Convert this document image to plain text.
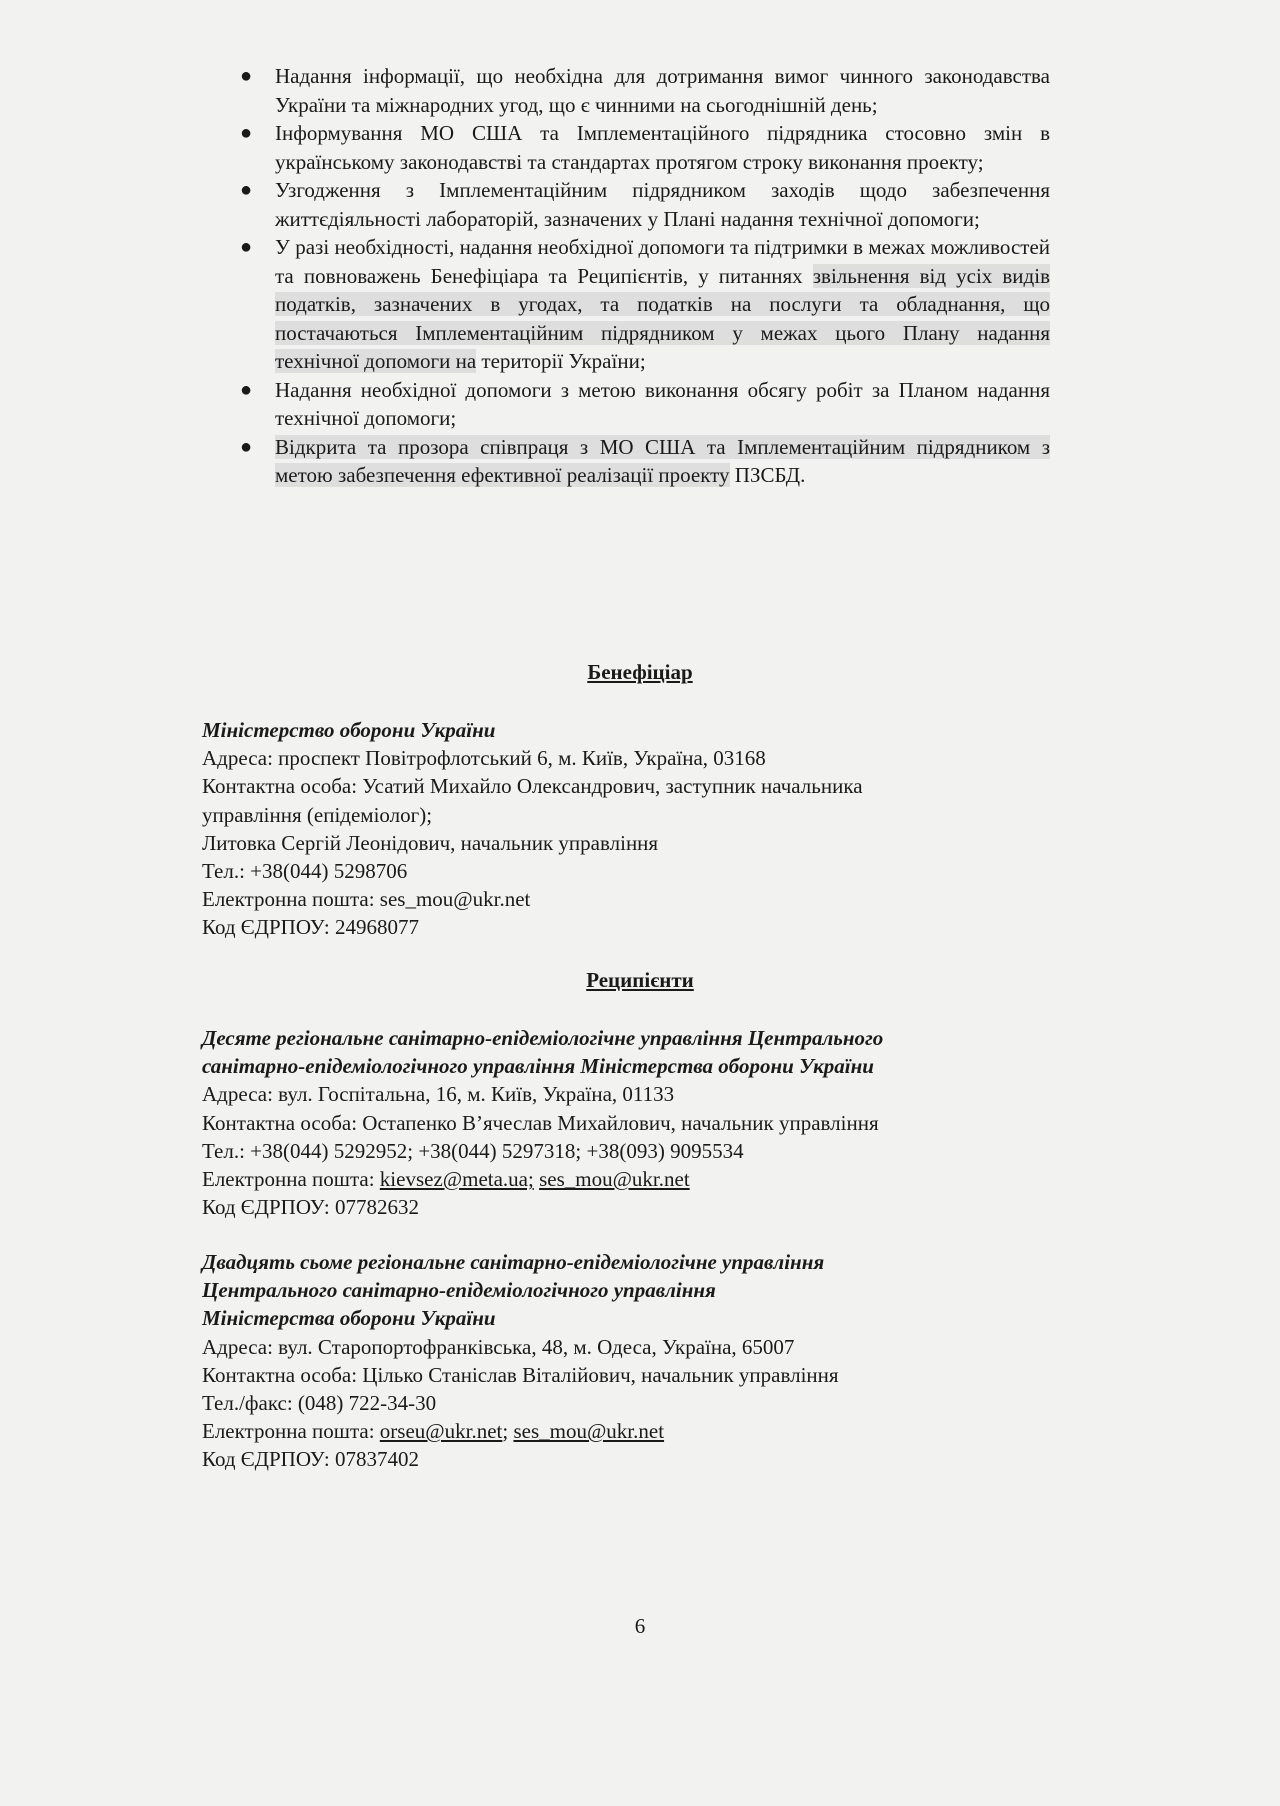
● Надання інформації, що необхідна для дотримання вимог чинного законодавства України та міжнародних угод, що є чинними на сьогоднішній день;
● Інформування МО США та Імплементаційного підрядника стосовно змін в українському законодавстві та стандартах протягом строку виконання проекту;
● Узгодження з Імплементаційним підрядником заходів щодо забезпечення життєдіяльності лабораторій, зазначених у Плані надання технічної допомоги;
● У разі необхідності, надання необхідної допомоги та підтримки в межах можливостей та повноважень Бенефіціара та Реципієнтів, у питаннях звільнення від усіх видів податків, зазначених в угодах, та податків на послуги та обладнання, що постачаються Імплементаційним підрядником у межах цього Плану надання технічної допомоги на території України;
● Надання необхідної допомоги з метою виконання обсягу робіт за Планом надання технічної допомоги;
● Відкрита та прозора співпраця з МО США та Імплементаційним підрядником з метою забезпечення ефективної реалізації проекту ПЗСБД.
Бенефіціар

Міністерство оборони України

Адреса: проспект Повітрофлотський 6, м. Київ, Україна, 03168

Контактна особа: Усатий Михайло Олександрович, заступник начальника

управління (епідеміолог);

Литовка Сергій Леонідович, начальник управління

Тел.: +38(044) 5298706

Електронна пошта: ses_mou@ukr.net

Код ЄДРПОУ: 24968077

Реципієнти

Десяте регіональне санітарно-епідеміологічне управління Центрального

санітарно-епідеміологічного управління Міністерства оборони України

Адреса: вул. Госпітальна, 16, м. Київ, Україна, 01133

Контактна особа: Остапенко В’ячеслав Михайлович, начальник управління

Тел.: +38(044) 5292952; +38(044) 5297318; +38(093) 9095534

Електронна пошта: kievsez@meta.ua; ses_mou@ukr.net

Код ЄДРПОУ: 07782632

Двадцять сьоме регіональне санітарно-епідеміологічне управління

Центрального санітарно-епідеміологічного управління

Міністерства оборони України

Адреса: вул. Старопортофранківська, 48, м. Одеса, Україна, 65007

Контактна особа: Цілько Станіслав Віталійович, начальник управління

Тел./факс: (048) 722-34-30

Електронна пошта: orseu@ukr.net; ses_mou@ukr.net

Код ЄДРПОУ: 07837402

6
